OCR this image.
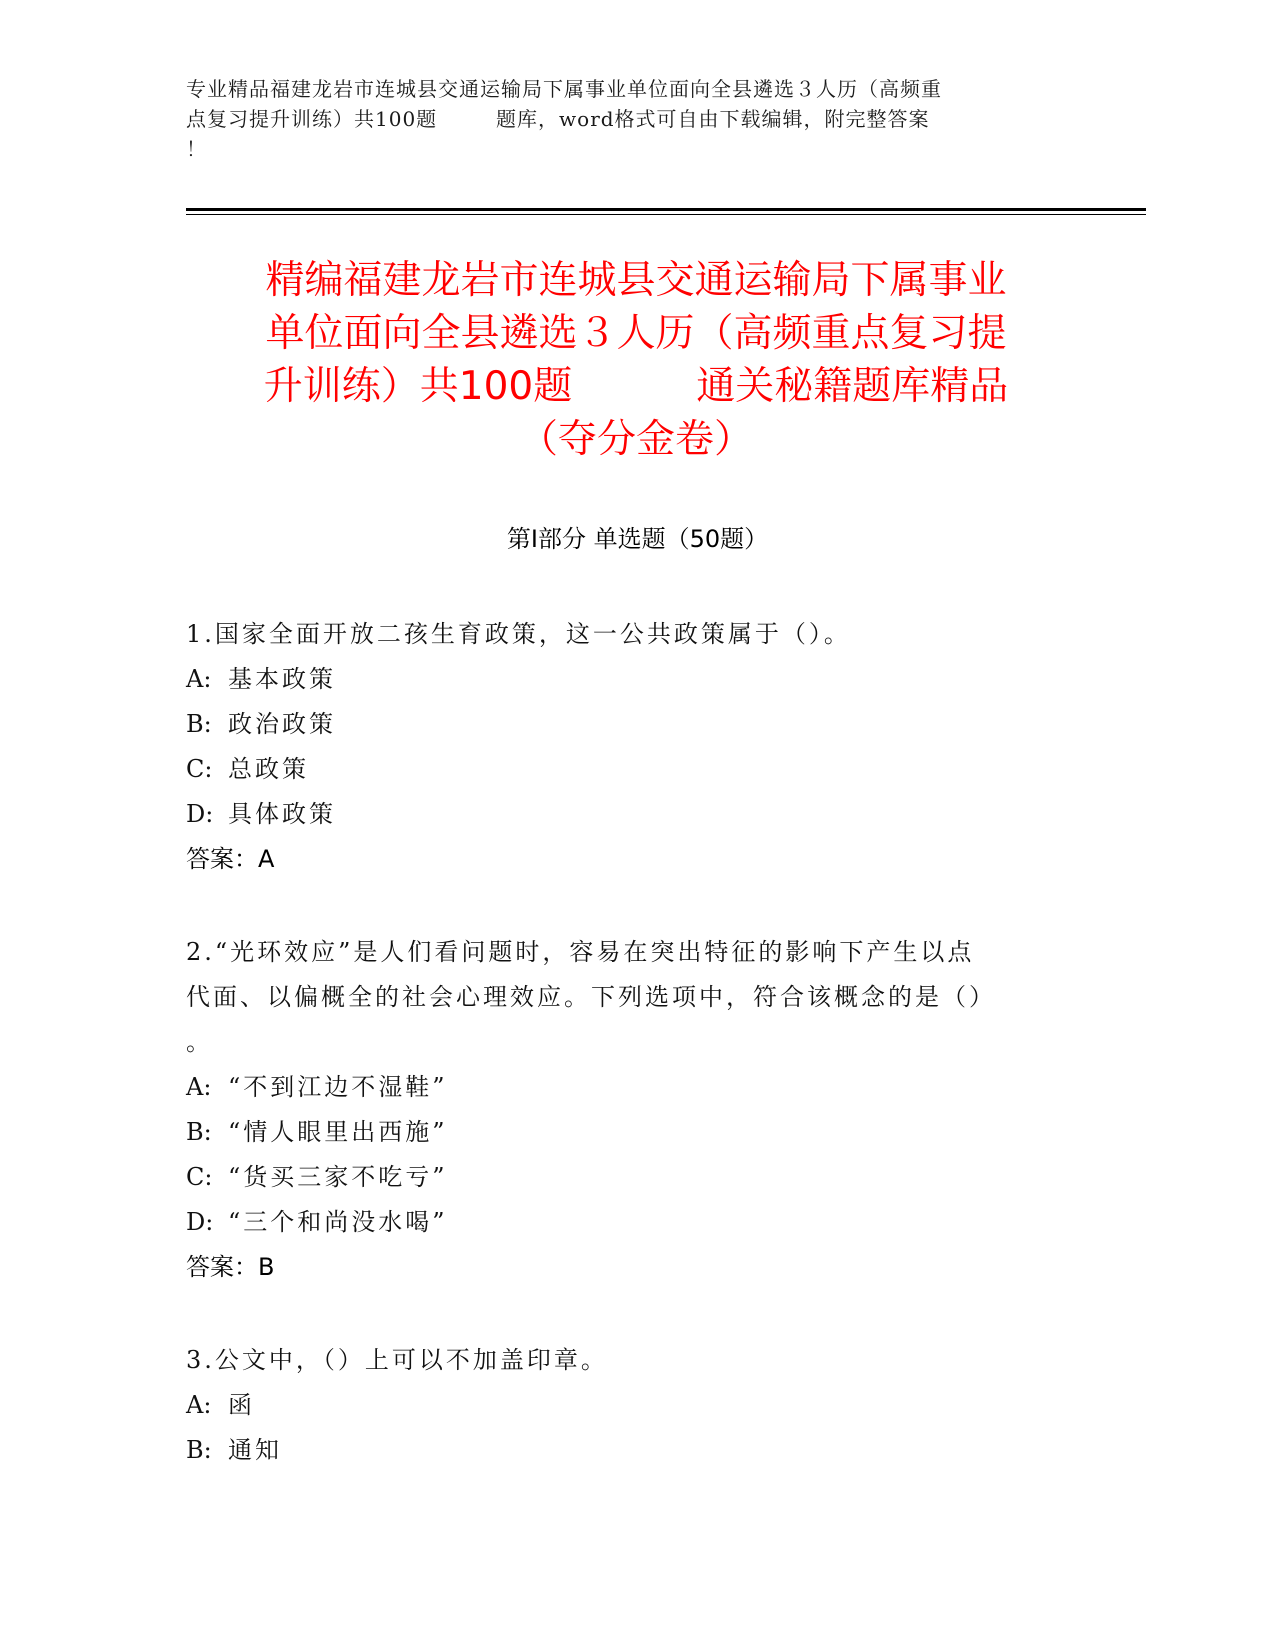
专业精品福建龙岩市连城县交通运输局下属事业单位面向全县遴选３人历（高频重
点复习提升训练）共100题        题库，word格式可自由下载编辑，附完整答案
！
精编福建龙岩市连城县交通运输局下属事业
单位面向全县遴选３人历（高频重点复习提
升训练）共100题          通关秘籍题库精品
（夺分金卷）
第Ⅰ部分 单选题（50题）
1.国家全面开放二孩生育政策，这一公共政策属于（）。
A: 基本政策
B: 政治政策
C: 总政策
D: 具体政策
答案：A
2.“光环效应”是人们看问题时，容易在突出特征的影响下产生以点
代面、以偏概全的社会心理效应。下列选项中，符合该概念的是（）
。
A: “不到江边不湿鞋”
B: “情人眼里出西施”
C: “货买三家不吃亏”
D: “三个和尚没水喝”
答案：B
3.公文中，（）上可以不加盖印章。
A: 函
B: 通知
